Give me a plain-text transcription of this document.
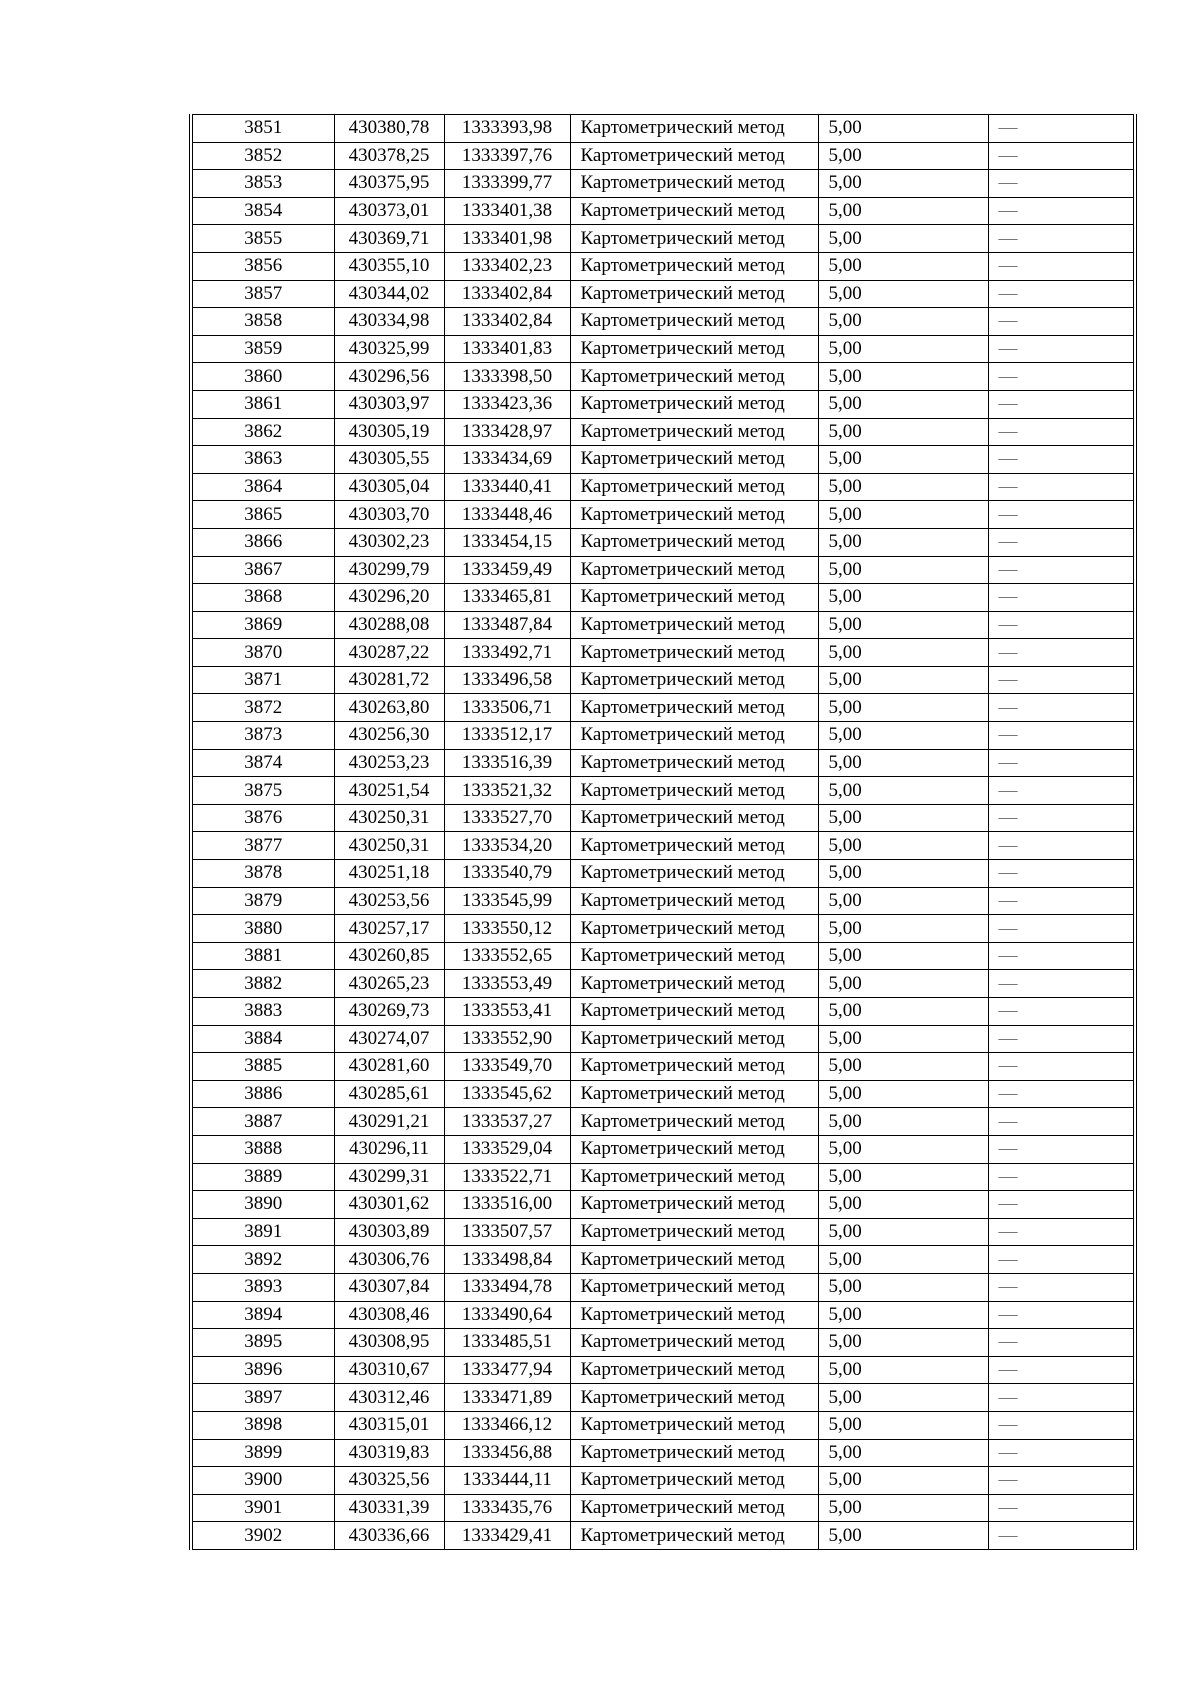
3851	430380,78	1333393,98	Картометрический метод	5,00	—
3852	430378,25	1333397,76	Картометрический метод	5,00	—
3853	430375,95	1333399,77	Картометрический метод	5,00	—
3854	430373,01	1333401,38	Картометрический метод	5,00	—
3855	430369,71	1333401,98	Картометрический метод	5,00	—
3856	430355,10	1333402,23	Картометрический метод	5,00	—
3857	430344,02	1333402,84	Картометрический метод	5,00	—
3858	430334,98	1333402,84	Картометрический метод	5,00	—
3859	430325,99	1333401,83	Картометрический метод	5,00	—
3860	430296,56	1333398,50	Картометрический метод	5,00	—
3861	430303,97	1333423,36	Картометрический метод	5,00	—
3862	430305,19	1333428,97	Картометрический метод	5,00	—
3863	430305,55	1333434,69	Картометрический метод	5,00	—
3864	430305,04	1333440,41	Картометрический метод	5,00	—
3865	430303,70	1333448,46	Картометрический метод	5,00	—
3866	430302,23	1333454,15	Картометрический метод	5,00	—
3867	430299,79	1333459,49	Картометрический метод	5,00	—
3868	430296,20	1333465,81	Картометрический метод	5,00	—
3869	430288,08	1333487,84	Картометрический метод	5,00	—
3870	430287,22	1333492,71	Картометрический метод	5,00	—
3871	430281,72	1333496,58	Картометрический метод	5,00	—
3872	430263,80	1333506,71	Картометрический метод	5,00	—
3873	430256,30	1333512,17	Картометрический метод	5,00	—
3874	430253,23	1333516,39	Картометрический метод	5,00	—
3875	430251,54	1333521,32	Картометрический метод	5,00	—
3876	430250,31	1333527,70	Картометрический метод	5,00	—
3877	430250,31	1333534,20	Картометрический метод	5,00	—
3878	430251,18	1333540,79	Картометрический метод	5,00	—
3879	430253,56	1333545,99	Картометрический метод	5,00	—
3880	430257,17	1333550,12	Картометрический метод	5,00	—
3881	430260,85	1333552,65	Картометрический метод	5,00	—
3882	430265,23	1333553,49	Картометрический метод	5,00	—
3883	430269,73	1333553,41	Картометрический метод	5,00	—
3884	430274,07	1333552,90	Картометрический метод	5,00	—
3885	430281,60	1333549,70	Картометрический метод	5,00	—
3886	430285,61	1333545,62	Картометрический метод	5,00	—
3887	430291,21	1333537,27	Картометрический метод	5,00	—
3888	430296,11	1333529,04	Картометрический метод	5,00	—
3889	430299,31	1333522,71	Картометрический метод	5,00	—
3890	430301,62	1333516,00	Картометрический метод	5,00	—
3891	430303,89	1333507,57	Картометрический метод	5,00	—
3892	430306,76	1333498,84	Картометрический метод	5,00	—
3893	430307,84	1333494,78	Картометрический метод	5,00	—
3894	430308,46	1333490,64	Картометрический метод	5,00	—
3895	430308,95	1333485,51	Картометрический метод	5,00	—
3896	430310,67	1333477,94	Картометрический метод	5,00	—
3897	430312,46	1333471,89	Картометрический метод	5,00	—
3898	430315,01	1333466,12	Картометрический метод	5,00	—
3899	430319,83	1333456,88	Картометрический метод	5,00	—
3900	430325,56	1333444,11	Картометрический метод	5,00	—
3901	430331,39	1333435,76	Картометрический метод	5,00	—
3902	430336,66	1333429,41	Картометрический метод	5,00	—
